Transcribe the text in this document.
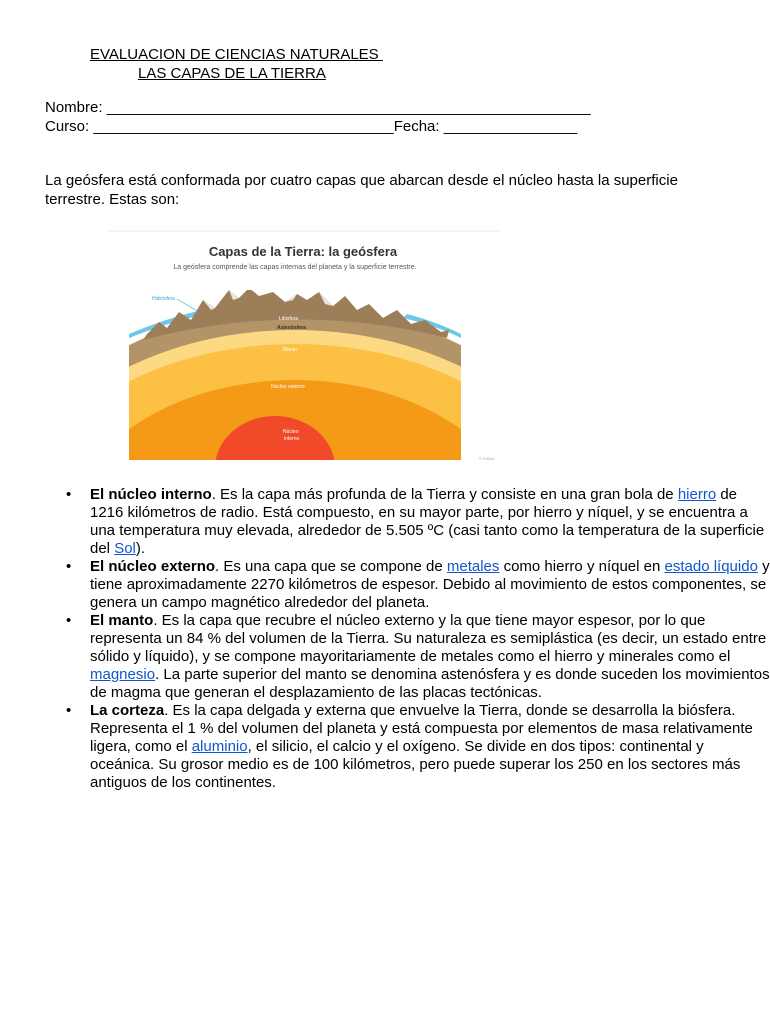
EVALUACION DE CIENCIAS NATURALES
LAS CAPAS DE LA TIERRA
Nombre: __________________________________________________________
Curso: ____________________________________Fecha: ________________
La geósfera está conformada por cuatro capas que abarcan desde el núcleo hasta la superficie terrestre. Estas son:
Capas de la Tierra: la geósfera
La geósfera comprende las capas internas del planeta y la superficie terrestre.
Hidrósfera
Litósfera
Astenósfera
Manto
Núcleo externo
Núcleo
interno
© Editori
• El núcleo interno. Es la capa más profunda de la Tierra y consiste en una gran bola de hierro de 1216 kilómetros de radio. Está compuesto, en su mayor parte, por hierro y níquel, y se encuentra a una temperatura muy elevada, alrededor de 5.505 ºC (casi tanto como la temperatura de la superficie del Sol).
• El núcleo externo. Es una capa que se compone de metales como hierro y níquel en estado líquido y tiene aproximadamente 2270 kilómetros de espesor. Debido al movimiento de estos componentes, se genera un campo magnético alrededor del planeta.
• El manto. Es la capa que recubre el núcleo externo y la que tiene mayor espesor, por lo que representa un 84 % del volumen de la Tierra. Su naturaleza es semiplástica (es decir, un estado entre sólido y líquido), y se compone mayoritariamente de metales como el hierro y minerales como el magnesio. La parte superior del manto se denomina astenósfera y es donde suceden los movimientos de magma que generan el desplazamiento de las placas tectónicas.
• La corteza. Es la capa delgada y externa que envuelve la Tierra, donde se desarrolla la biósfera. Representa el 1 % del volumen del planeta y está compuesta por elementos de masa relativamente ligera, como el aluminio, el silicio, el calcio y el oxígeno. Se divide en dos tipos: continental y oceánica. Su grosor medio es de 100 kilómetros, pero puede superar los 250 en los sectores más antiguos de los continentes.
